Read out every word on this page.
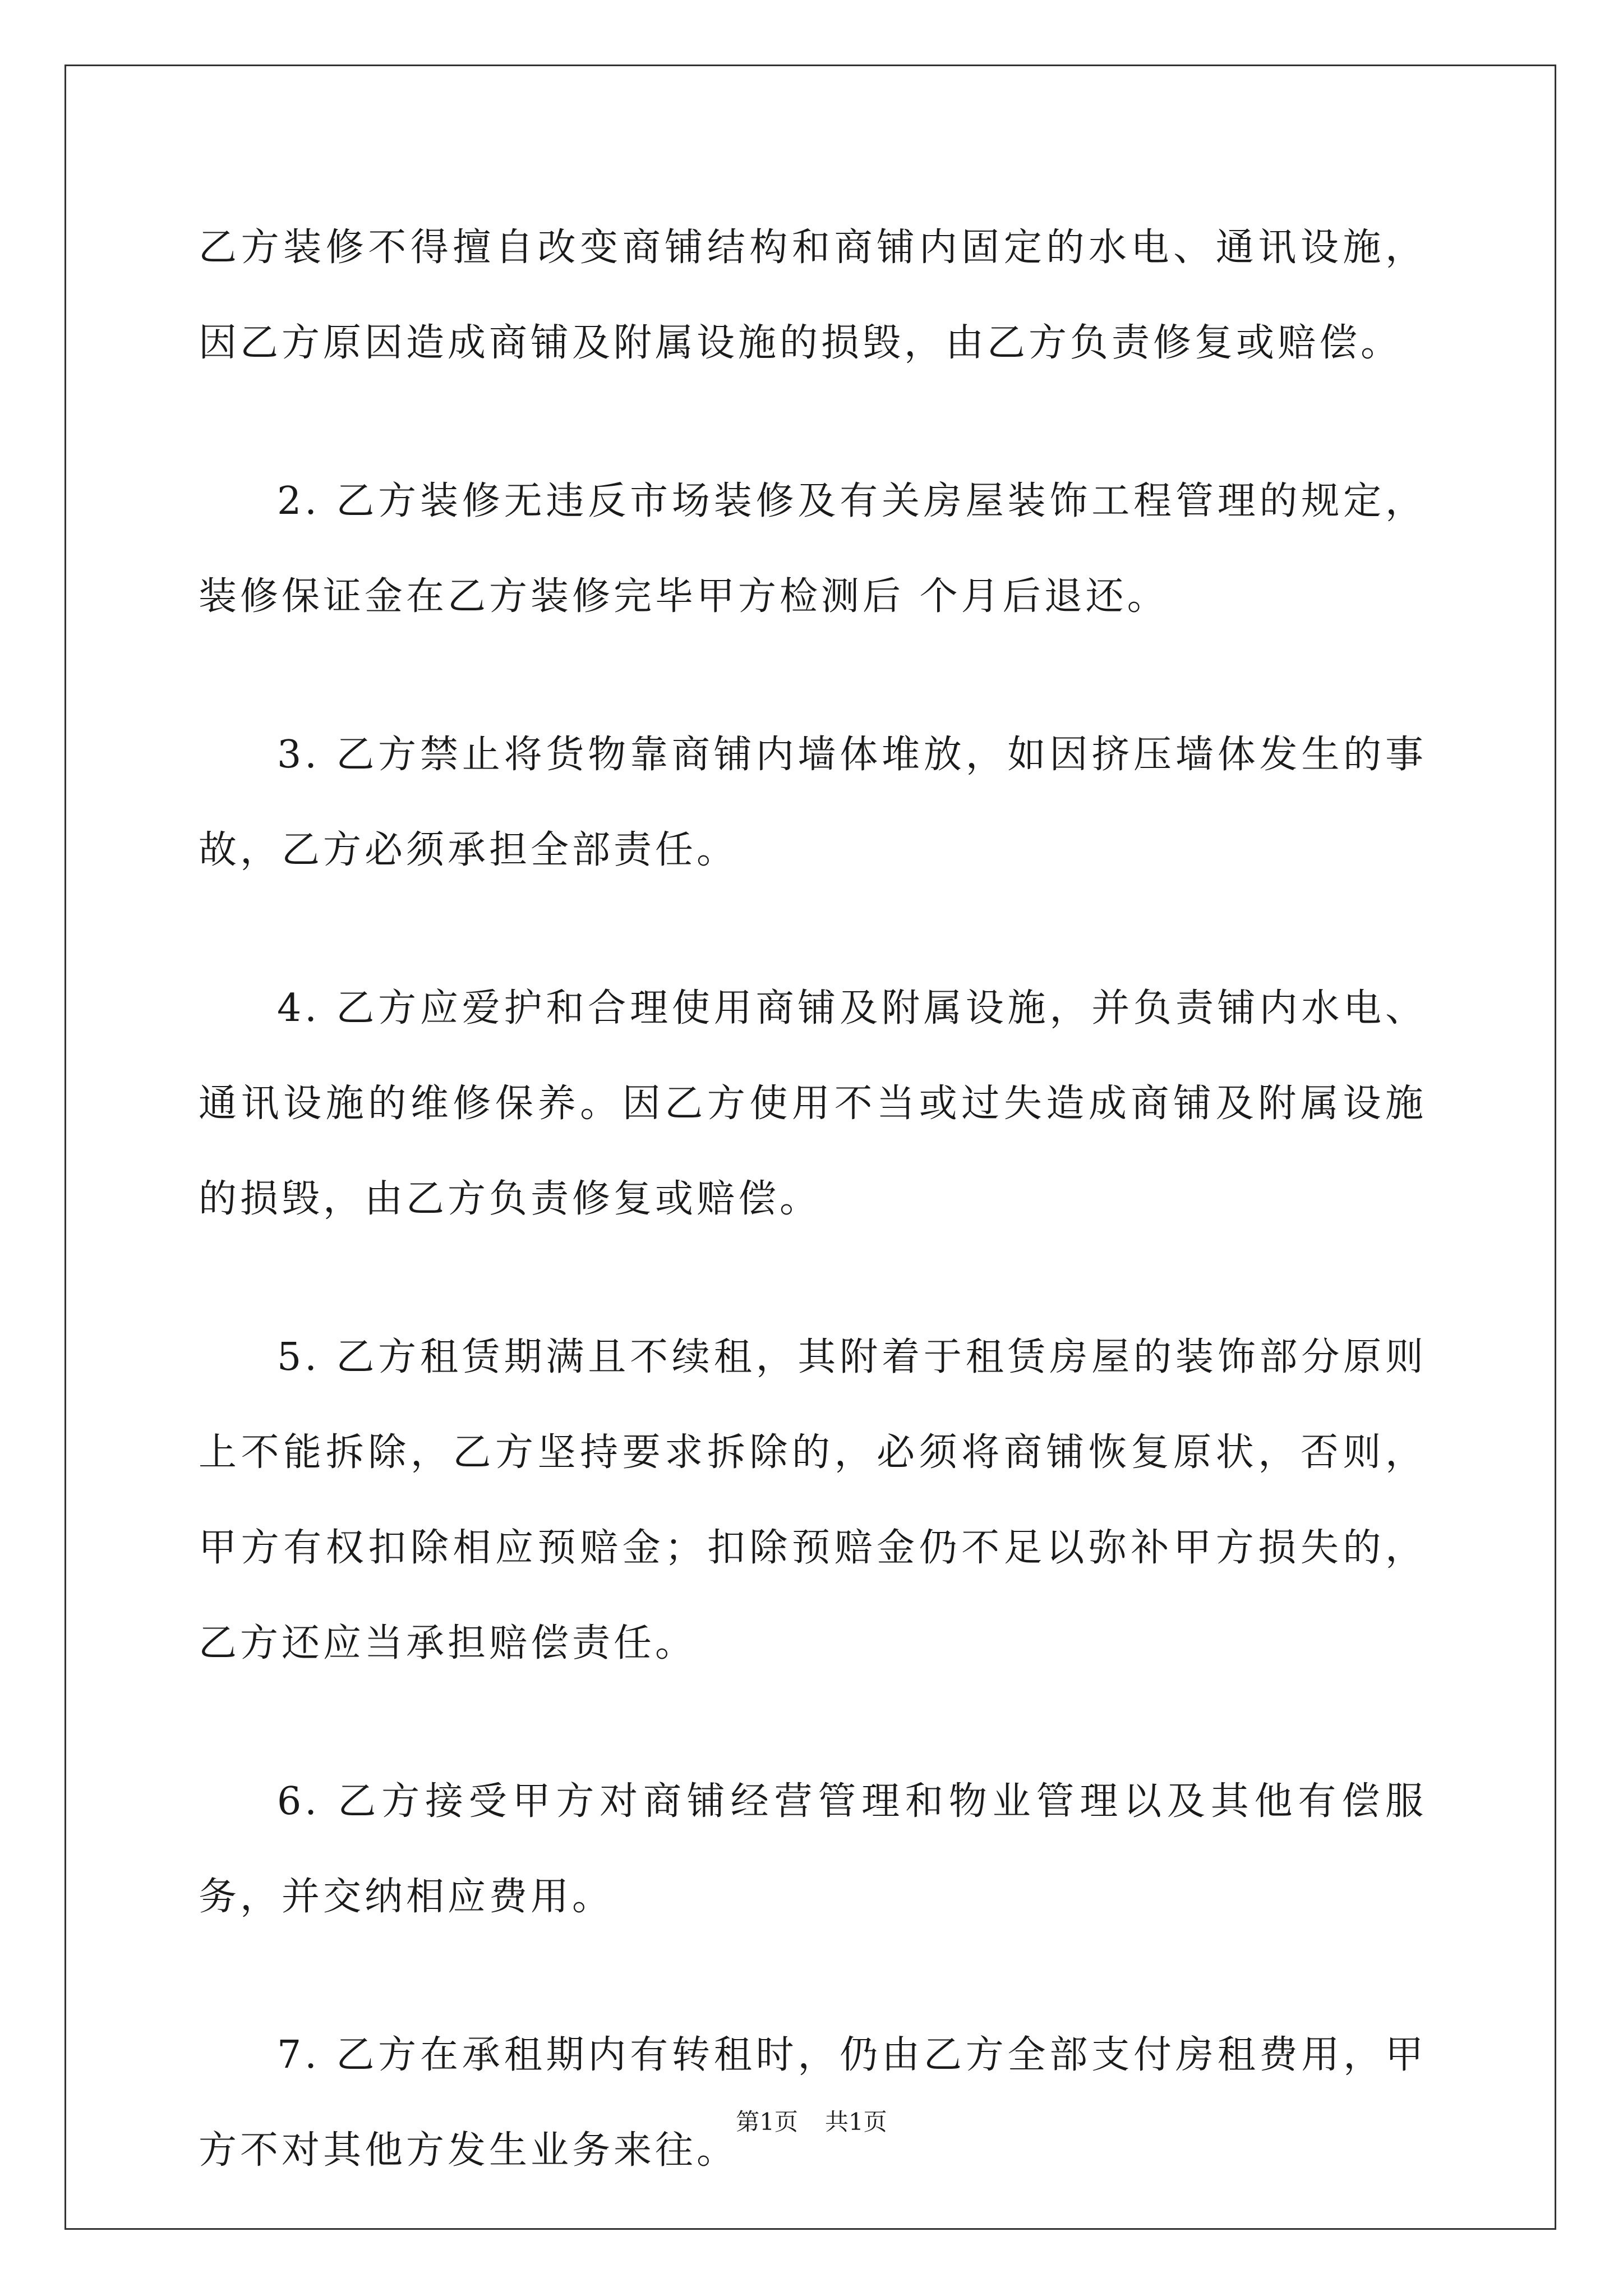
乙方装修不得擅自改变商铺结构和商铺内固定的水电、通讯设施，因乙方原因造成商铺及附属设施的损毁，由乙方负责修复或赔偿。

2. 乙方装修无违反市场装修及有关房屋装饰工程管理的规定，装修保证金在乙方装修完毕甲方检测后 个月后退还。

3. 乙方禁止将货物靠商铺内墙体堆放，如因挤压墙体发生的事故，乙方必须承担全部责任。

4. 乙方应爱护和合理使用商铺及附属设施，并负责铺内水电、通讯设施的维修保养。因乙方使用不当或过失造成商铺及附属设施的损毁，由乙方负责修复或赔偿。

5. 乙方租赁期满且不续租，其附着于租赁房屋的装饰部分原则上不能拆除，乙方坚持要求拆除的，必须将商铺恢复原状，否则，甲方有权扣除相应预赔金；扣除预赔金仍不足以弥补甲方损失的，乙方还应当承担赔偿责任。

6. 乙方接受甲方对商铺经营管理和物业管理以及其他有偿服务，并交纳相应费用。

7. 乙方在承租期内有转租时，仍由乙方全部支付房租费用，甲方不对其他方发生业务来往。

第1页 共1页
